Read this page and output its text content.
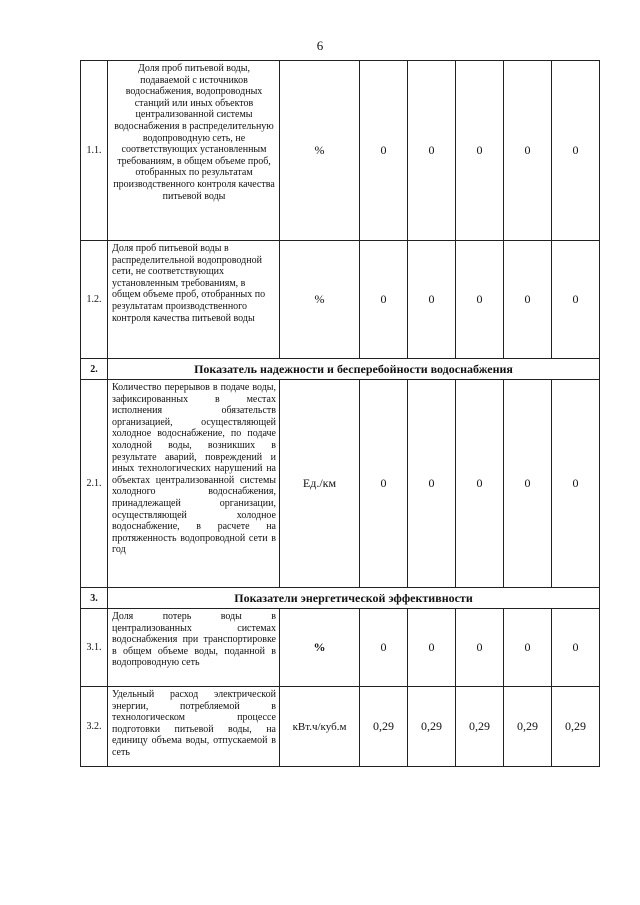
6
1.1.	Доля проб питьевой воды, подаваемой с источников водоснабжения, водопроводных станций или иных объектов централизованной системы водоснабжения в распределительную водопроводную сеть, не соответствующих установленным требованиям, в общем объеме проб, отобранных по результатам производственного контроля качества питьевой воды	%	0	0	0	0	0
1.2.	Доля проб питьевой воды в распределительной водопроводной сети, не соответствующих установленным требованиям, в общем объеме проб, отобранных по результатам производственного контроля качества питьевой воды	%	0	0	0	0	0
2.	Показатель надежности и бесперебойности водоснабжения						
2.1.	Количество перерывов в подаче воды, зафиксированных в местах исполнения обязательств организацией, осуществляющей холодное водоснабжение, по подаче холодной воды, возникших в результате аварий, повреждений и иных технологических нарушений на объектах централизованной системы холодного водоснабжения, принадлежащей организации, осуществляющей холодное водоснабжение, в расчете на протяженность водопроводной сети в год	Ед./км	0	0	0	0	0
3.	Показатели энергетической эффективности						
3.1.	Доля потерь воды в централизованных системах водоснабжения при транспортировке в общем объеме воды, поданной в водопроводную сеть	%	0	0	0	0	0
3.2.	Удельный расход электрической энергии, потребляемой в технологическом процессе подготовки питьевой воды, на единицу объема воды, отпускаемой в сеть	кВт.ч/куб.м	0,29	0,29	0,29	0,29	0,29
